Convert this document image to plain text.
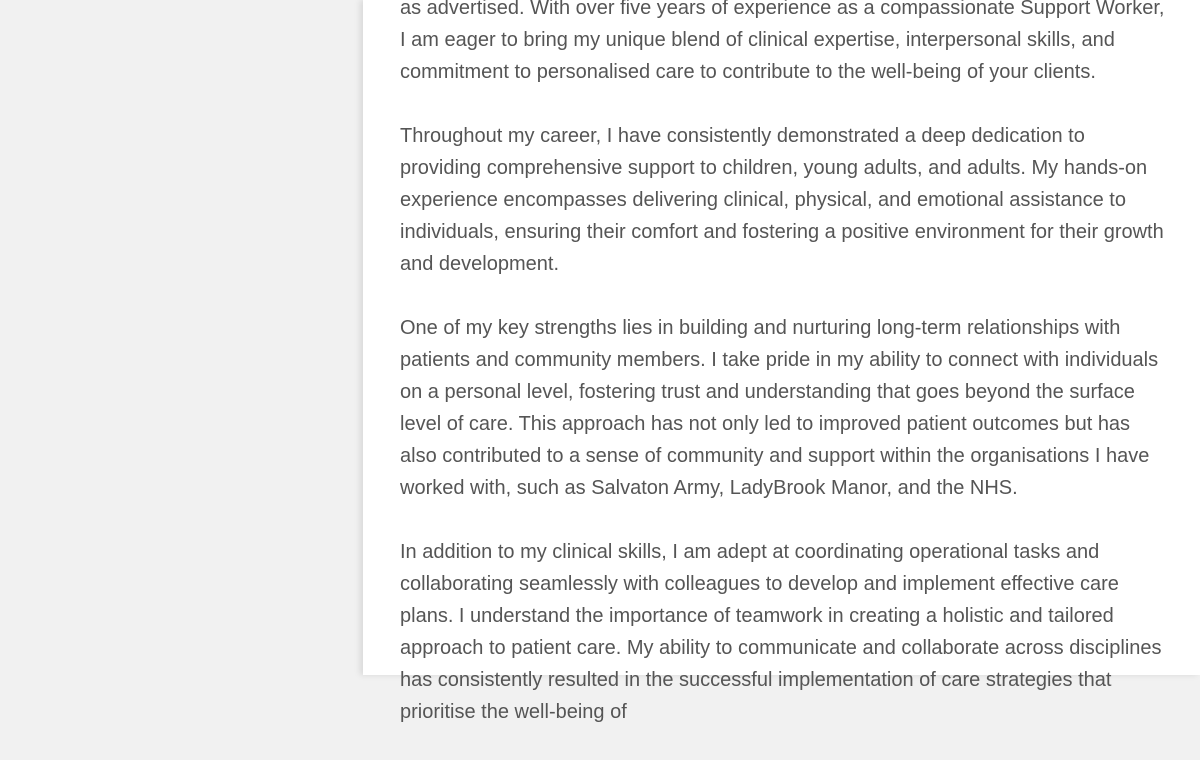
as advertised. With over five years of experience as a compassionate Support Worker, I am eager to bring my unique blend of clinical expertise, interpersonal skills, and commitment to personalised care to contribute to the well-being of your clients.

Throughout my career, I have consistently demonstrated a deep dedication to providing comprehensive support to children, young adults, and adults. My hands-on experience encompasses delivering clinical, physical, and emotional assistance to individuals, ensuring their comfort and fostering a positive environment for their growth and development.

One of my key strengths lies in building and nurturing long-term relationships with patients and community members. I take pride in my ability to connect with individuals on a personal level, fostering trust and understanding that goes beyond the surface level of care. This approach has not only led to improved patient outcomes but has also contributed to a sense of community and support within the organisations I have worked with, such as Salvaton Army, LadyBrook Manor, and the NHS.

In addition to my clinical skills, I am adept at coordinating operational tasks and collaborating seamlessly with colleagues to develop and implement effective care plans. I understand the importance of teamwork in creating a holistic and tailored approach to patient care. My ability to communicate and collaborate across disciplines has consistently resulted in the successful implementation of care strategies that prioritise the well-being of
